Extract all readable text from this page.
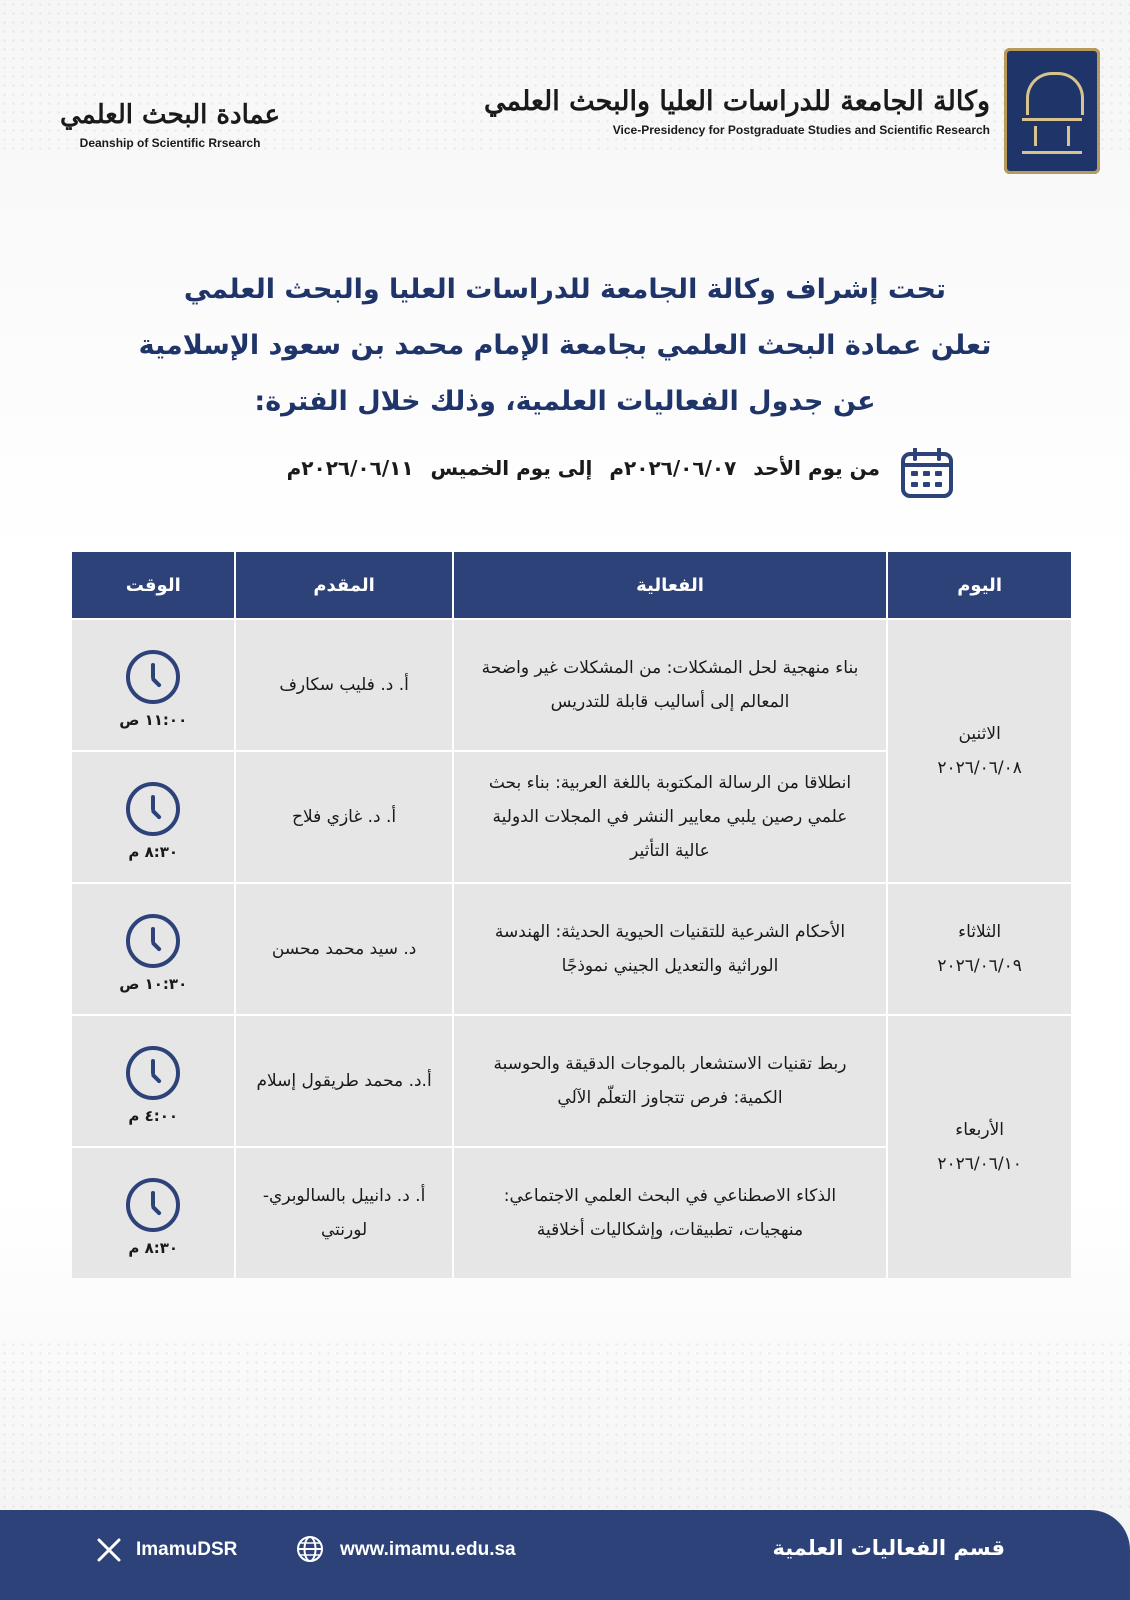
وكالة الجامعة للدراسات العليا والبحث العلمي
Vice-Presidency for Postgraduate Studies and Scientific Research
عمادة البحث العلمي
Deanship of Scientific Rrsearch
تحت إشراف وكالة الجامعة للدراسات العليا والبحث العلمي
تعلن عمادة البحث العلمي بجامعة الإمام محمد بن سعود الإسلامية
عن جدول الفعاليات العلمية، وذلك خلال الفترة:
من يوم الأحد ٢٠٢٦/٠٦/٠٧م إلى يوم الخميس ٢٠٢٦/٠٦/١١م
اليوم	الفعالية	المقدم	الوقت

الاثنين
٢٠٢٦/٠٦/٠٨	بناء منهجية لحل المشكلات: من المشكلات غير واضحة المعالم إلى أساليب قابلة للتدريس	أ. د. فليب سكارف	١١:٠٠ ص

	انطلاقا من الرسالة المكتوبة باللغة العربية: بناء بحث علمي رصين يلبي معايير النشر في المجلات الدولية عالية التأثير	أ. د. غازي فلاح	٨:٣٠ م

الثلاثاء
٢٠٢٦/٠٦/٠٩	الأحكام الشرعية للتقنيات الحيوية الحديثة: الهندسة الوراثية والتعديل الجيني نموذجًا	د. سيد محمد محسن	١٠:٣٠ ص

الأربعاء
٢٠٢٦/٠٦/١٠	ربط تقنيات الاستشعار بالموجات الدقيقة والحوسبة الكمية: فرص تتجاوز التعلّم الآلي	أ.د. محمد طريقول إسلام	٤:٠٠ م

	الذكاء الاصطناعي في البحث العلمي الاجتماعي: منهجيات، تطبيقات، وإشكاليات أخلاقية	أ. د. دانييل بالسالوبري- لورنتي	٨:٣٠ م
قسم الفعاليات العلمية
www.imamu.edu.sa
ImamuDSR
